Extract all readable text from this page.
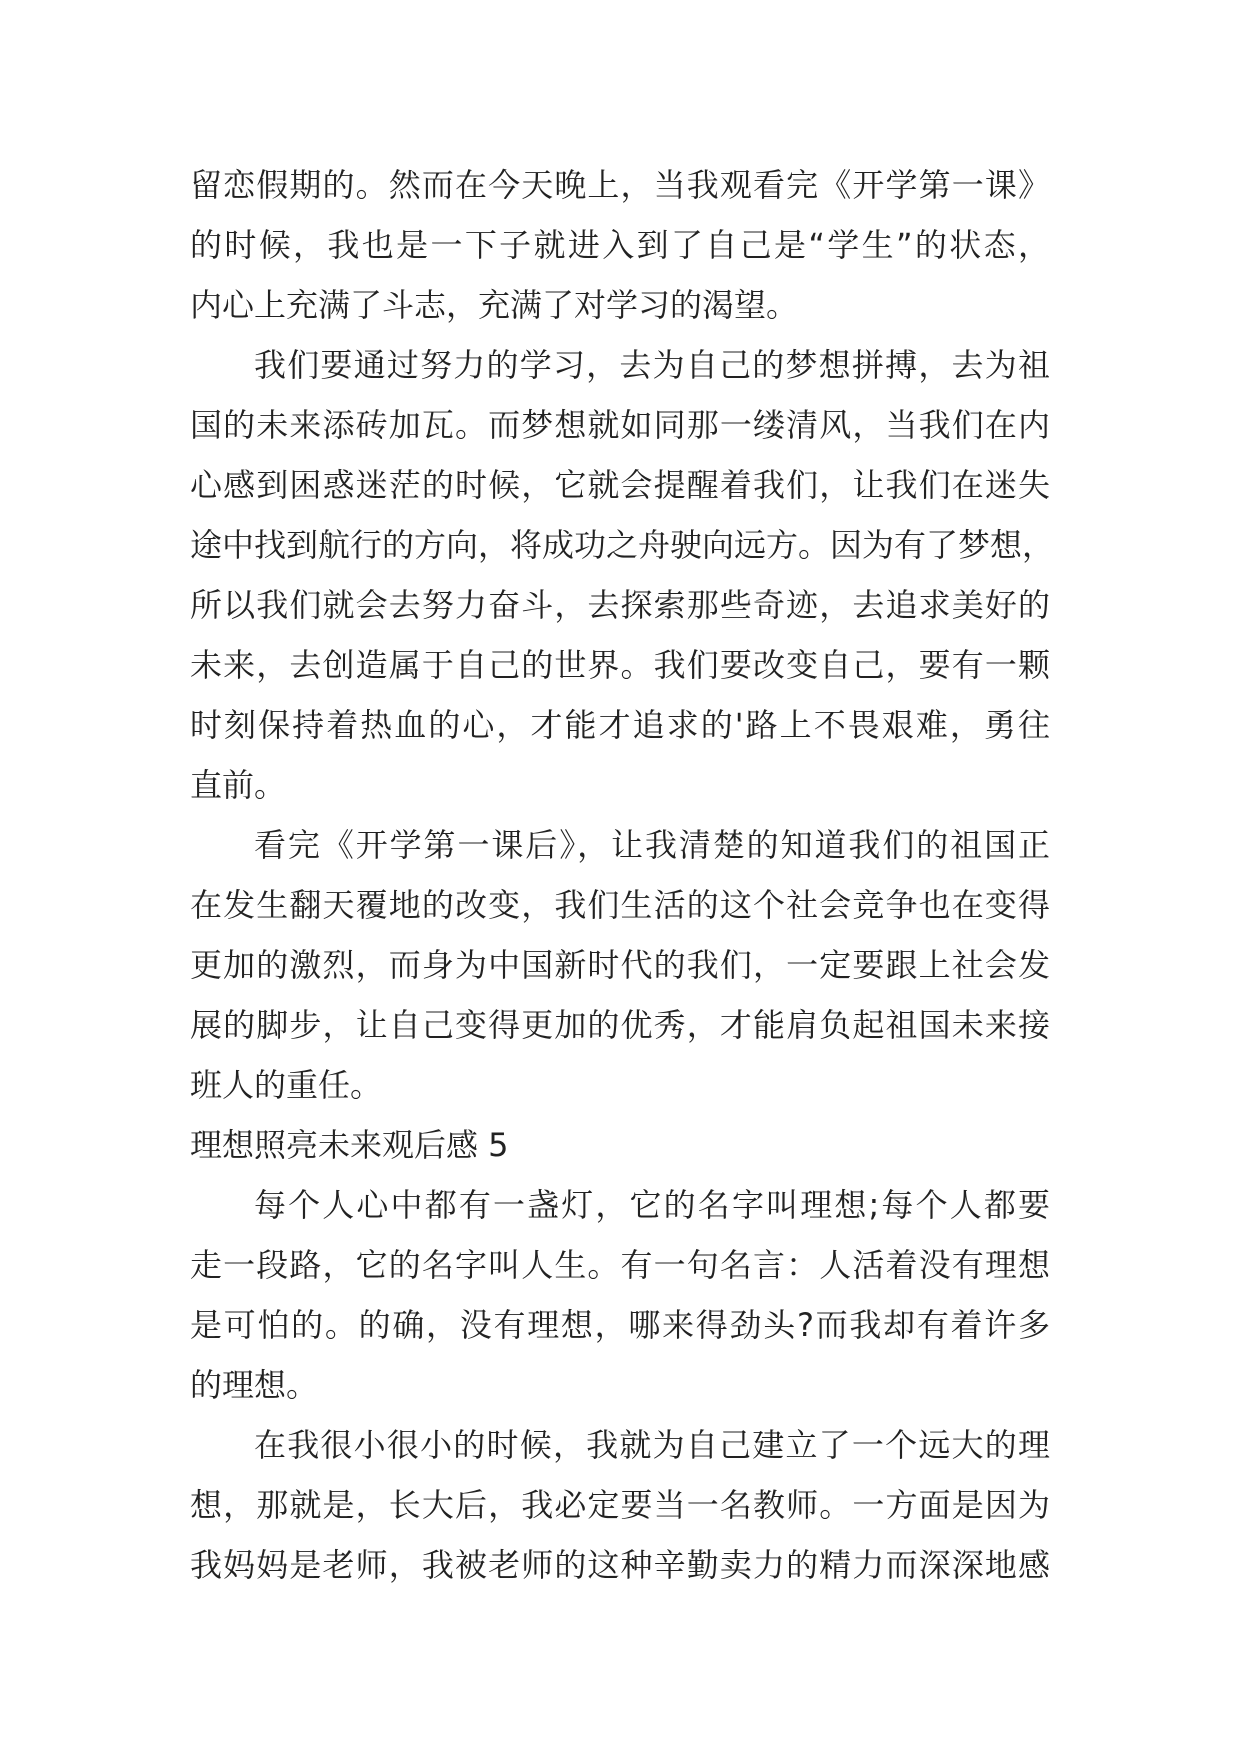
留恋假期的。然而在今天晚上，当我观看完《开学第一课》
的时候，我也是一下子就进入到了自己是“学生”的状态，
内心上充满了斗志，充满了对学习的渴望。
我们要通过努力的学习，去为自己的梦想拼搏，去为祖
国的未来添砖加瓦。而梦想就如同那一缕清风，当我们在内
心感到困惑迷茫的时候，它就会提醒着我们，让我们在迷失
途中找到航行的方向，将成功之舟驶向远方。因为有了梦想，
所以我们就会去努力奋斗，去探索那些奇迹，去追求美好的
未来，去创造属于自己的世界。我们要改变自己，要有一颗
时刻保持着热血的心，才能才追求的'路上不畏艰难，勇往
直前。
看完《开学第一课后》，让我清楚的知道我们的祖国正
在发生翻天覆地的改变，我们生活的这个社会竞争也在变得
更加的激烈，而身为中国新时代的我们，一定要跟上社会发
展的脚步，让自己变得更加的优秀，才能肩负起祖国未来接
班人的重任。
理想照亮未来观后感 5
每个人心中都有一盏灯，它的名字叫理想;每个人都要
走一段路，它的名字叫人生。有一句名言：人活着没有理想
是可怕的。的确，没有理想，哪来得劲头?而我却有着许多
的理想。
在我很小很小的时候，我就为自己建立了一个远大的理
想，那就是，长大后，我必定要当一名教师。一方面是因为
我妈妈是老师，我被老师的这种辛勤卖力的精力而深深地感
